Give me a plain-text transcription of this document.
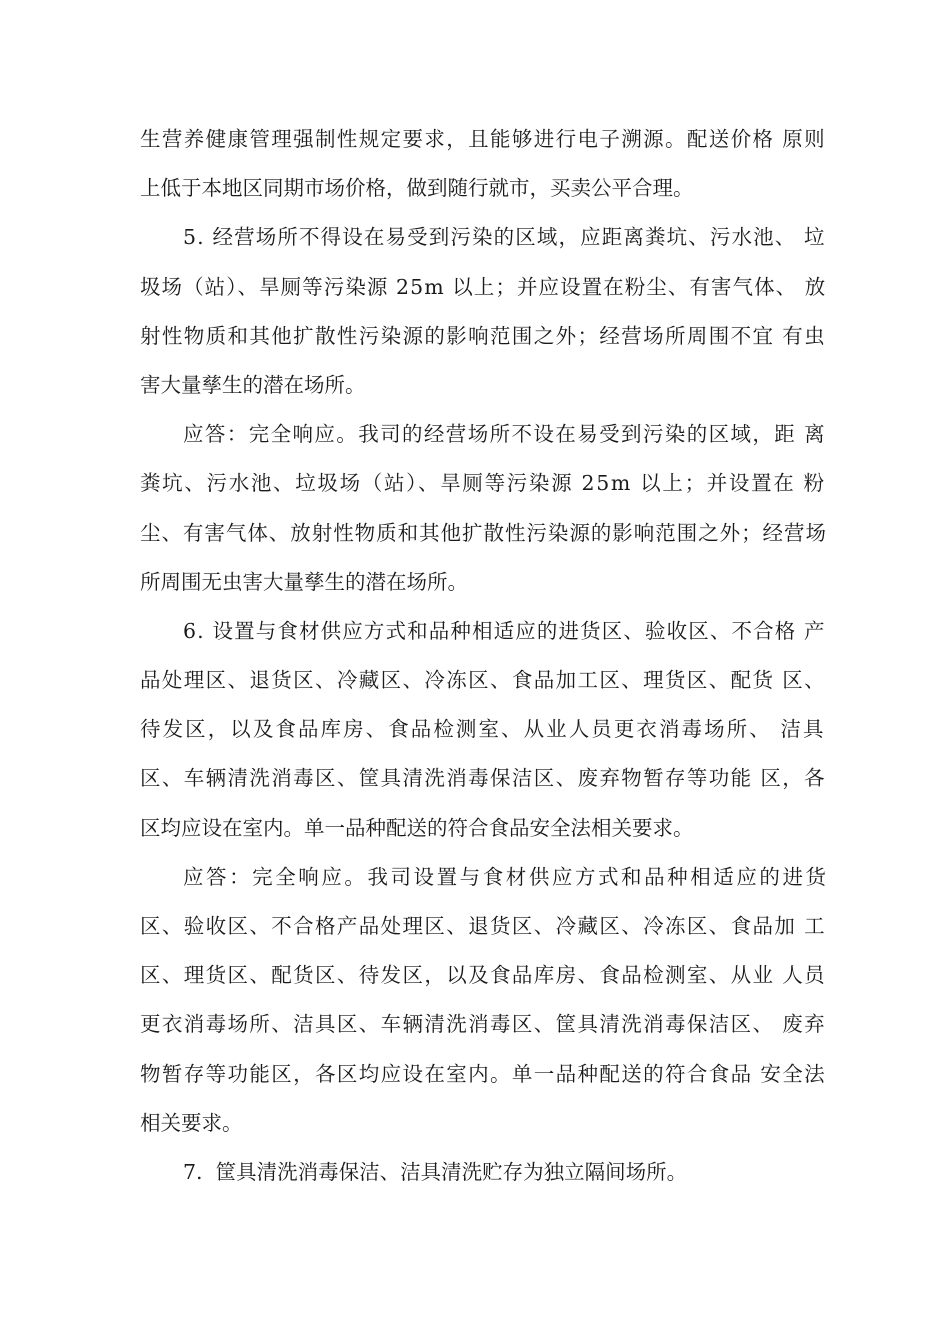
生营养健康管理强制性规定要求，且能够进行电子溯源。配送价格 原则
上低于本地区同期市场价格，做到随行就市，买卖公平合理。
5. 经营场所不得设在易受到污染的区域，应距离粪坑、污水池、 垃
圾场（站）、旱厕等污染源 25m 以上；并应设置在粉尘、有害气体、 放
射性物质和其他扩散性污染源的影响范围之外；经营场所周围不宜 有虫
害大量孳生的潜在场所。
应答：完全响应。我司的经营场所不设在易受到污染的区域，距 离
粪坑、污水池、垃圾场（站）、旱厕等污染源 25m 以上；并设置在 粉
尘、有害气体、放射性物质和其他扩散性污染源的影响范围之外；经营场
所周围无虫害大量孳生的潜在场所。
6. 设置与食材供应方式和品种相适应的进货区、验收区、不合格 产
品处理区、退货区、冷藏区、冷冻区、食品加工区、理货区、配货 区、
待发区，以及食品库房、食品检测室、从业人员更衣消毒场所、 洁具
区、车辆清洗消毒区、筐具清洗消毒保洁区、废弃物暂存等功能 区，各
区均应设在室内。单一品种配送的符合食品安全法相关要求。
应答：完全响应。我司设置与食材供应方式和品种相适应的进货
区、验收区、不合格产品处理区、退货区、冷藏区、冷冻区、食品加 工
区、理货区、配货区、待发区，以及食品库房、食品检测室、从业 人员
更衣消毒场所、洁具区、车辆清洗消毒区、筐具清洗消毒保洁区、 废弃
物暂存等功能区，各区均应设在室内。单一品种配送的符合食品 安全法
相关要求。
7.  筐具清洗消毒保洁、洁具清洗贮存为独立隔间场所。
